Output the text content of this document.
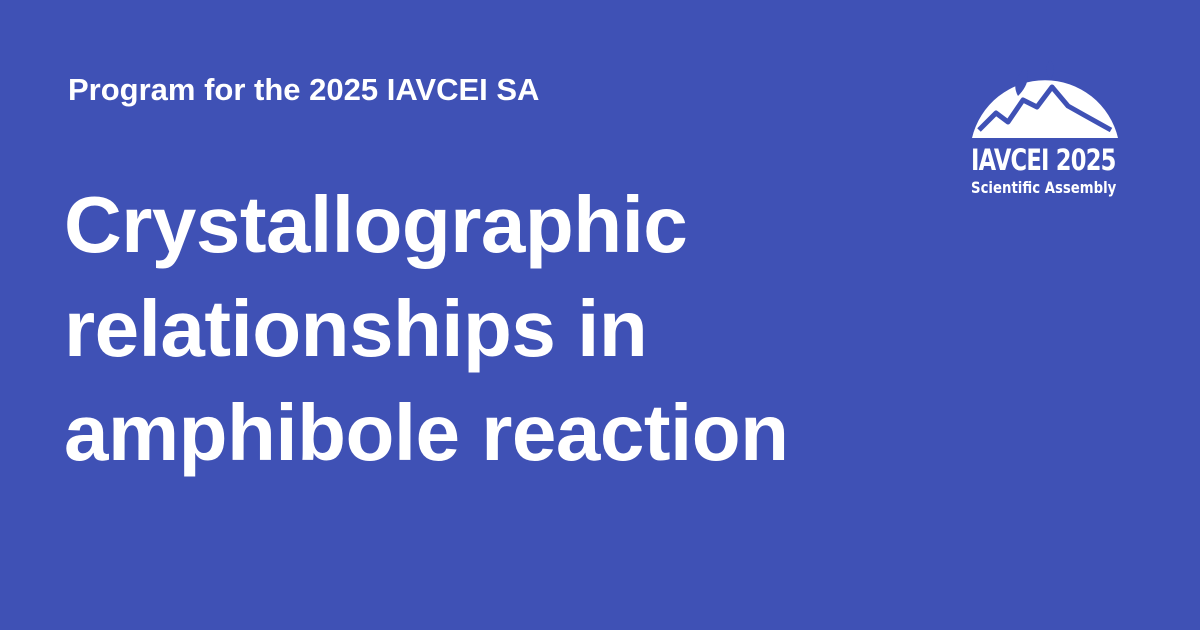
Program for the 2025 IAVCEI SA
Crystallographic
relationships in
amphibole reaction
IAVCEI 2025
Scientific Assembly
